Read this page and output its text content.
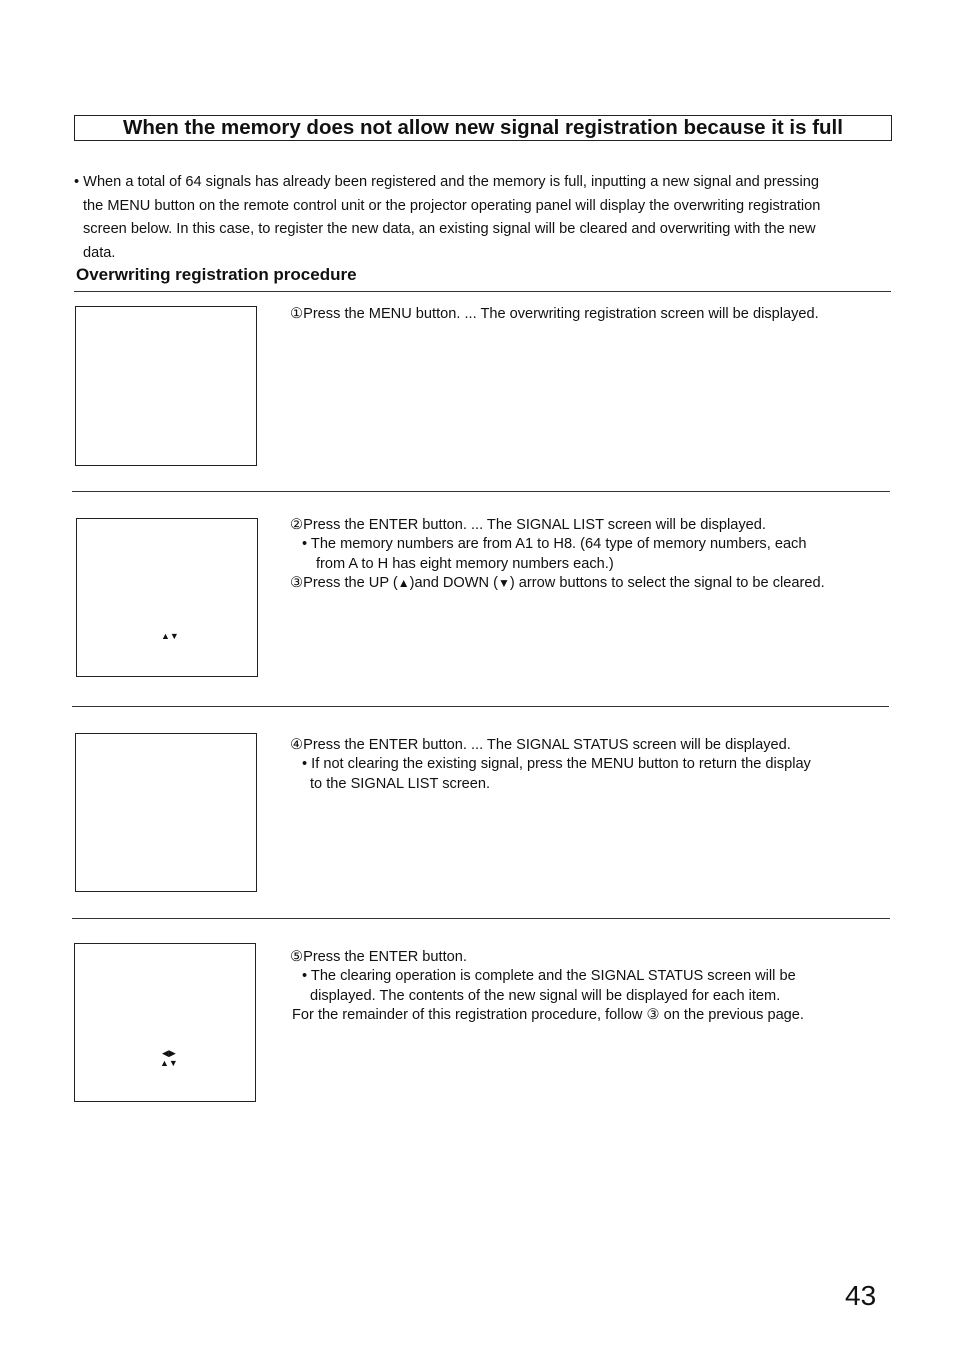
When the memory does not allow new signal registration because it is full
• When a total of 64 signals has already been registered and the memory is full, inputting a new signal and pressing
the MENU button on the remote control unit or the projector operating panel will display the overwriting registration
screen below. In this case, to register the new data, an existing signal will be cleared and overwriting with the new
data.
Overwriting registration procedure
①Press the MENU button. ... The overwriting registration screen will be displayed.
▲▼
②Press the ENTER button. ... The SIGNAL LIST screen will be displayed.
• The memory numbers are from A1 to H8. (64 type of memory numbers, each
from A to H has eight memory numbers each.)
③Press the UP (▲)and DOWN (▼) arrow buttons to select the signal to be cleared.
④Press the ENTER button. ... The SIGNAL STATUS screen will be displayed.
• If not clearing the existing signal, press the MENU button to return the display
to the SIGNAL LIST screen.
◀▶
▲▼
⑤Press the ENTER button.
• The clearing operation is complete and the SIGNAL STATUS screen will be
displayed. The contents of the new signal will be displayed for each item.
For the remainder of this registration procedure, follow ③ on the previous page.
43
